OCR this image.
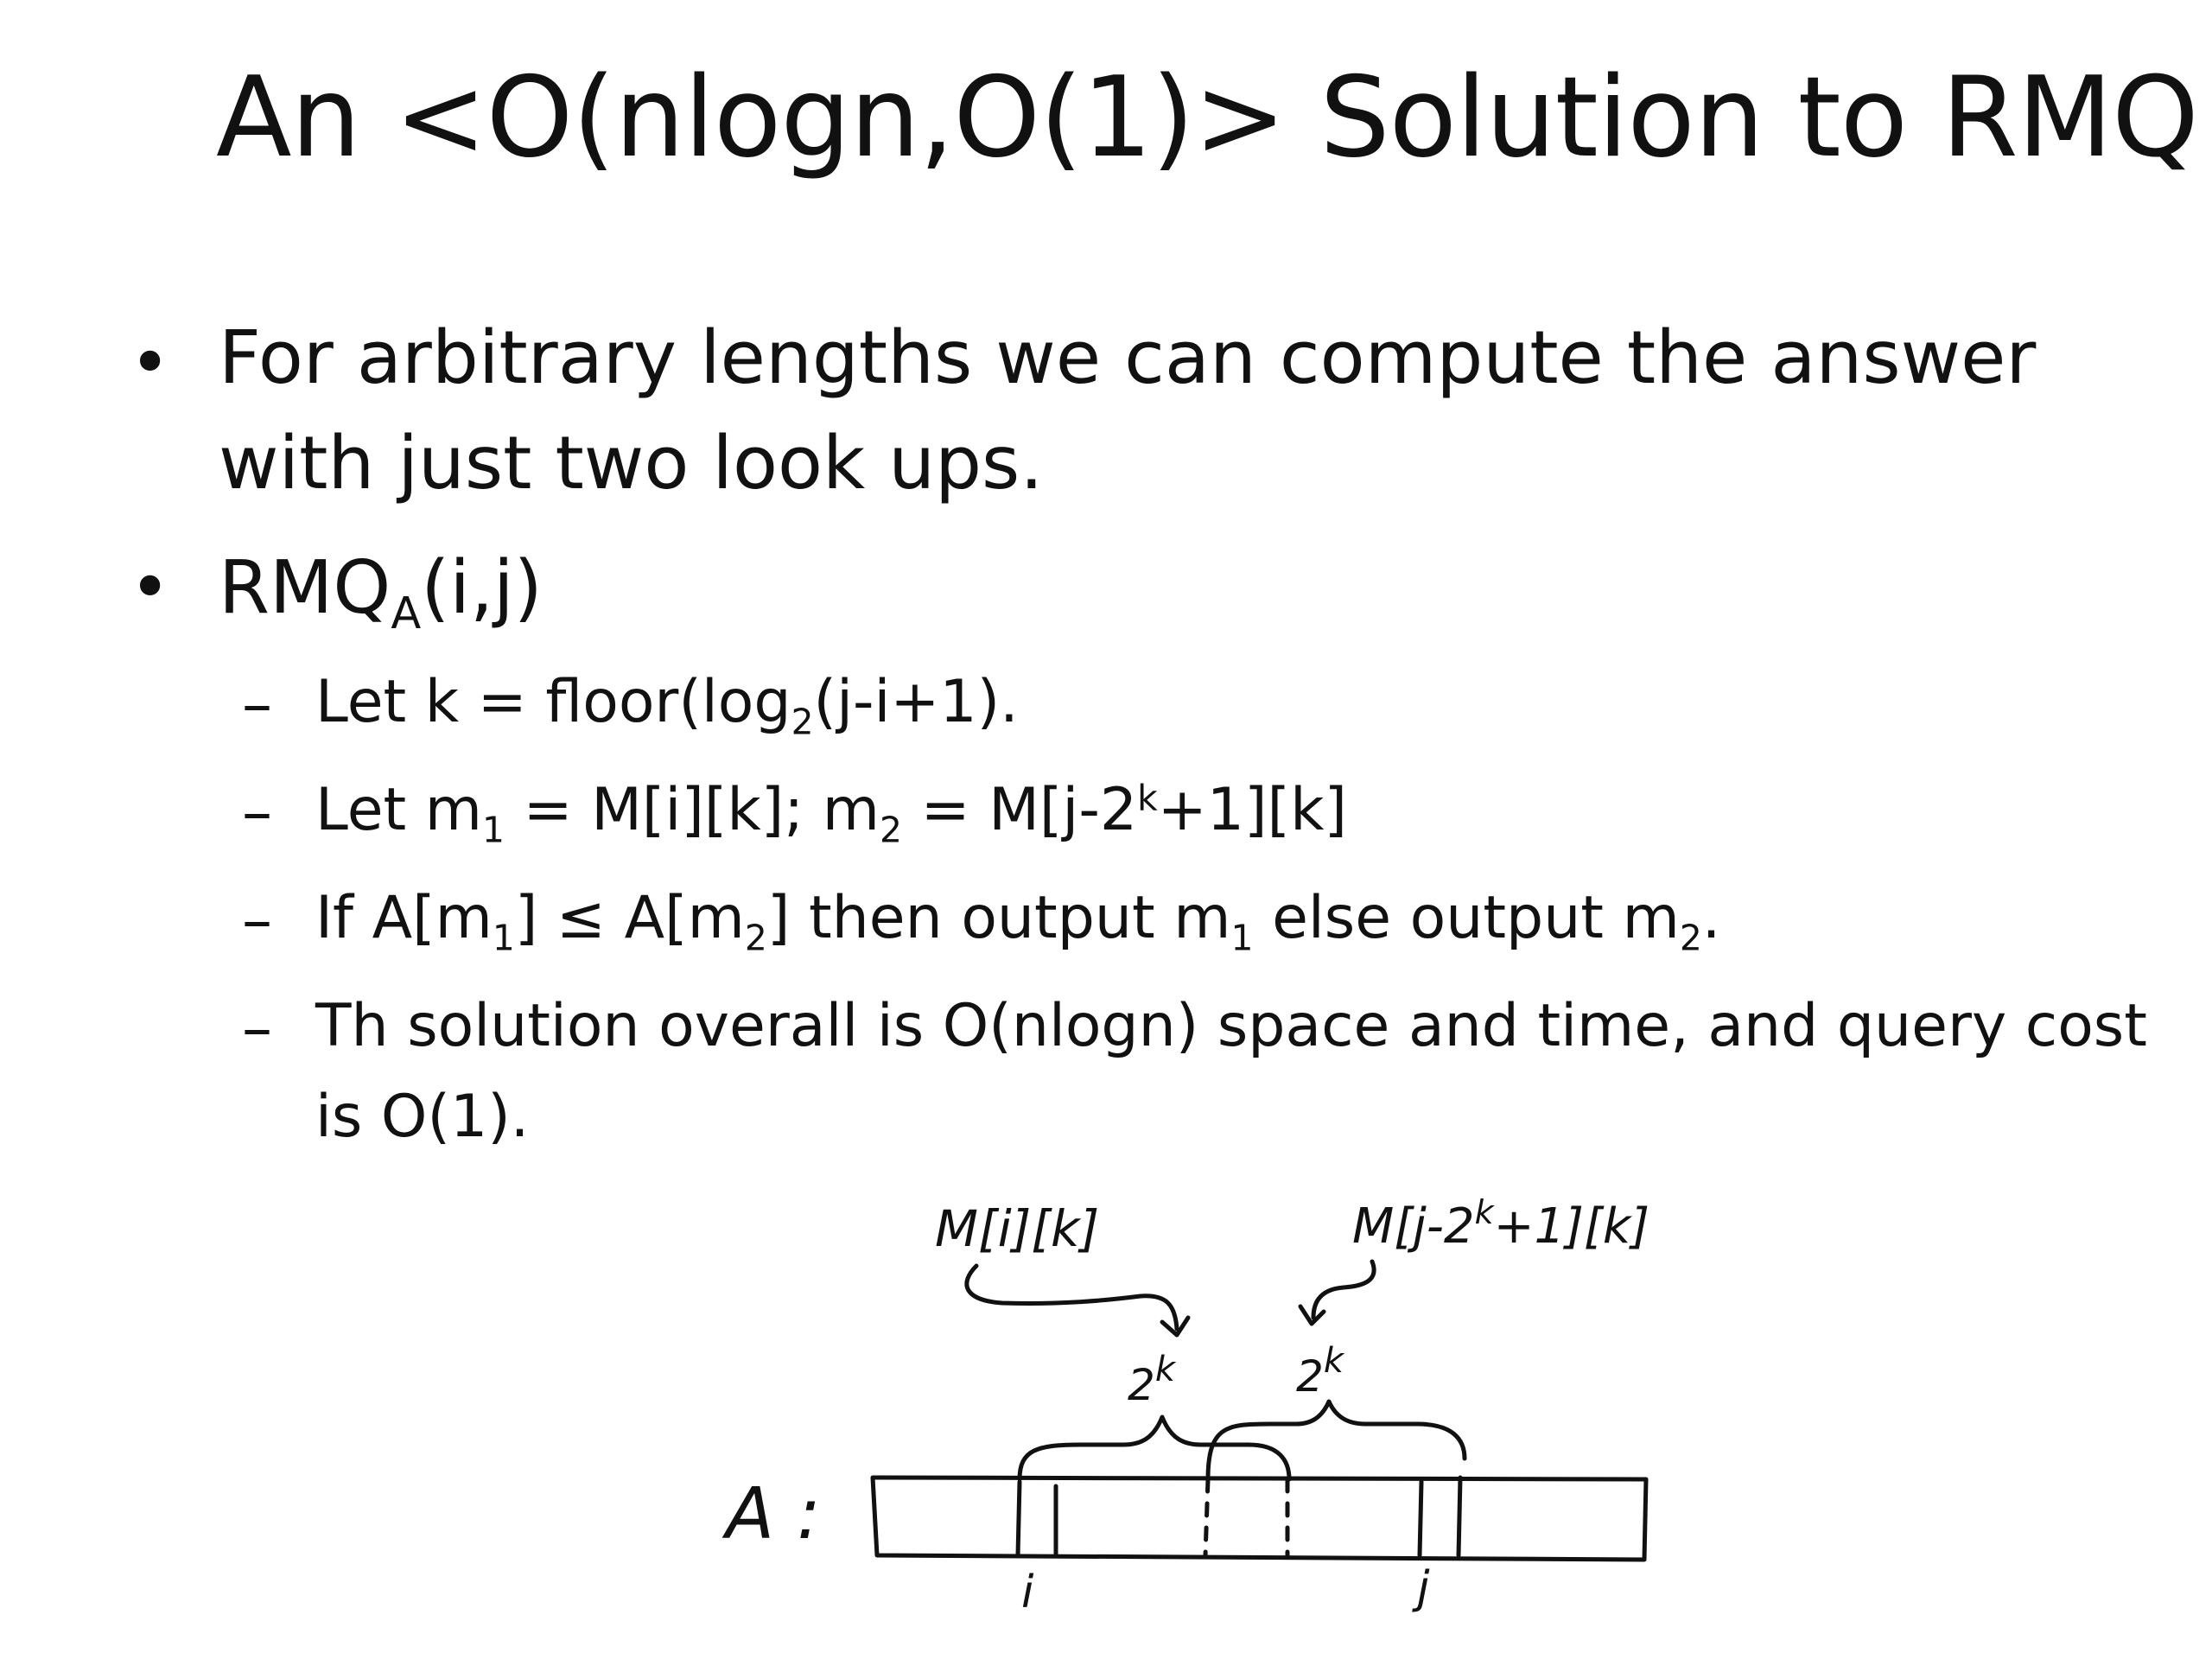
An <O(nlogn,O(1)> Solution to RMQ
• For arbitrary lengths we can compute the answer with just two look ups.
• $RMQ_A(i,j)$
– Let $k = floor(\log_2(j-i+1)$.
– Let $m_1 = M[i][k]$; $m_2 = M[j-2^k+1][k]$
– If $A[m_1] \le A[m_2]$ then output $m_1$ else output $m_2$.
– Th solution overall is O(nlogn) space and time, and query cost is O(1).
M[i][k]	$M[j-2^k+1][k]$
2$^k$	2$^k$
A :
i	j
